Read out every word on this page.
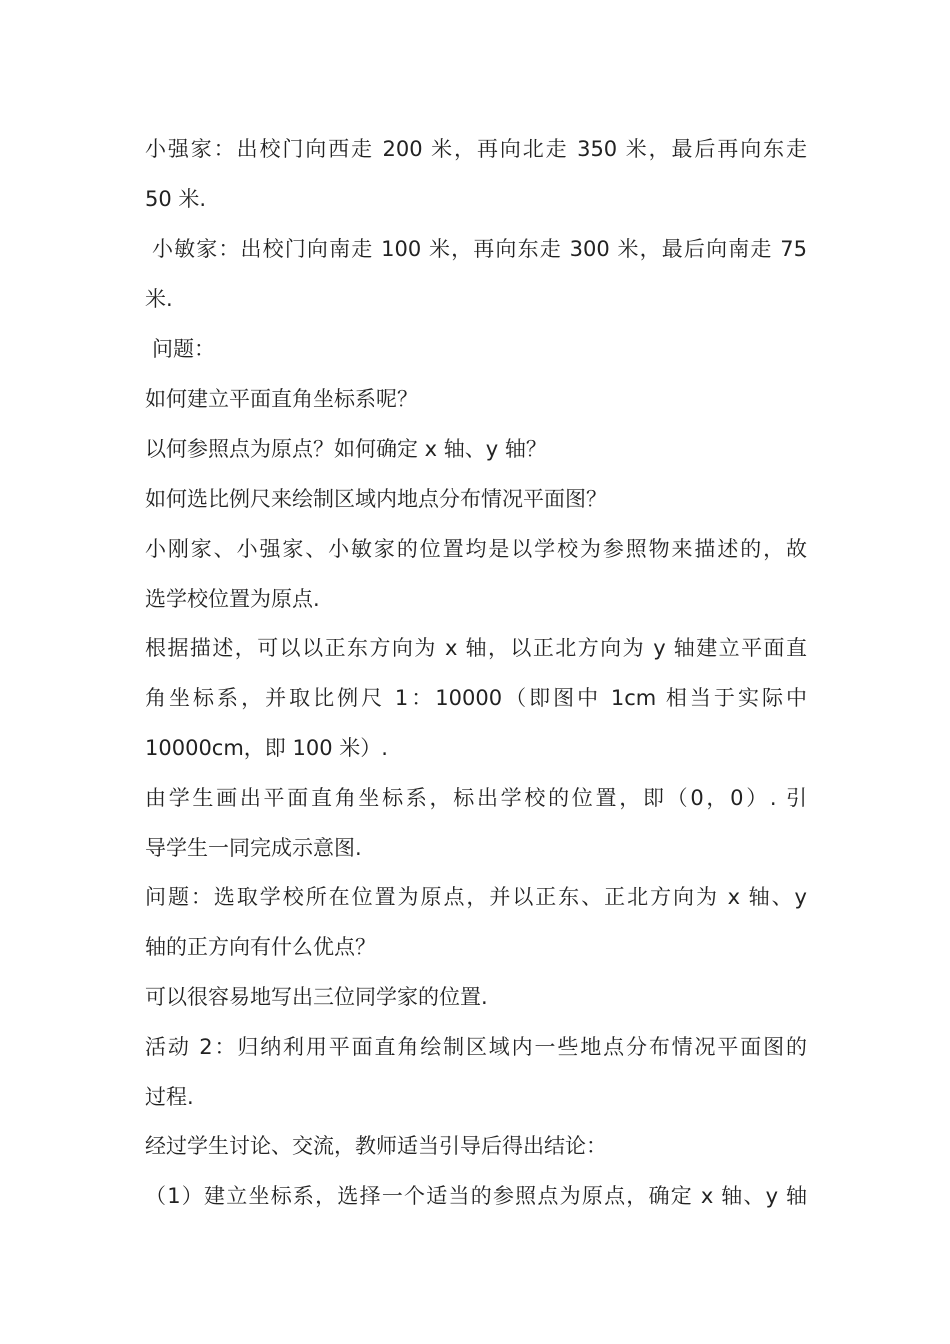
小强家：出校门向西走 200 米，再向北走 350 米，最后再向东走
50 米.
小敏家：出校门向南走 100 米，再向东走 300 米，最后向南走 75
米.
问题：
如何建立平面直角坐标系呢？
以何参照点为原点？如何确定 x 轴、y 轴？
如何选比例尺来绘制区域内地点分布情况平面图？
小刚家、小强家、小敏家的位置均是以学校为参照物来描述的，故
选学校位置为原点.
根据描述，可以以正东方向为 x 轴，以正北方向为 y 轴建立平面直
角坐标系，并取比例尺 1：10000（即图中 1cm 相当于实际中
10000cm，即 100 米）.
由学生画出平面直角坐标系，标出学校的位置，即（0，0）. 引
导学生一同完成示意图.
问题：选取学校所在位置为原点，并以正东、正北方向为 x 轴、y
轴的正方向有什么优点？
可以很容易地写出三位同学家的位置.
活动 2：归纳利用平面直角绘制区域内一些地点分布情况平面图的
过程.
经过学生讨论、交流，教师适当引导后得出结论：
（1）建立坐标系，选择一个适当的参照点为原点，确定 x 轴、y 轴
